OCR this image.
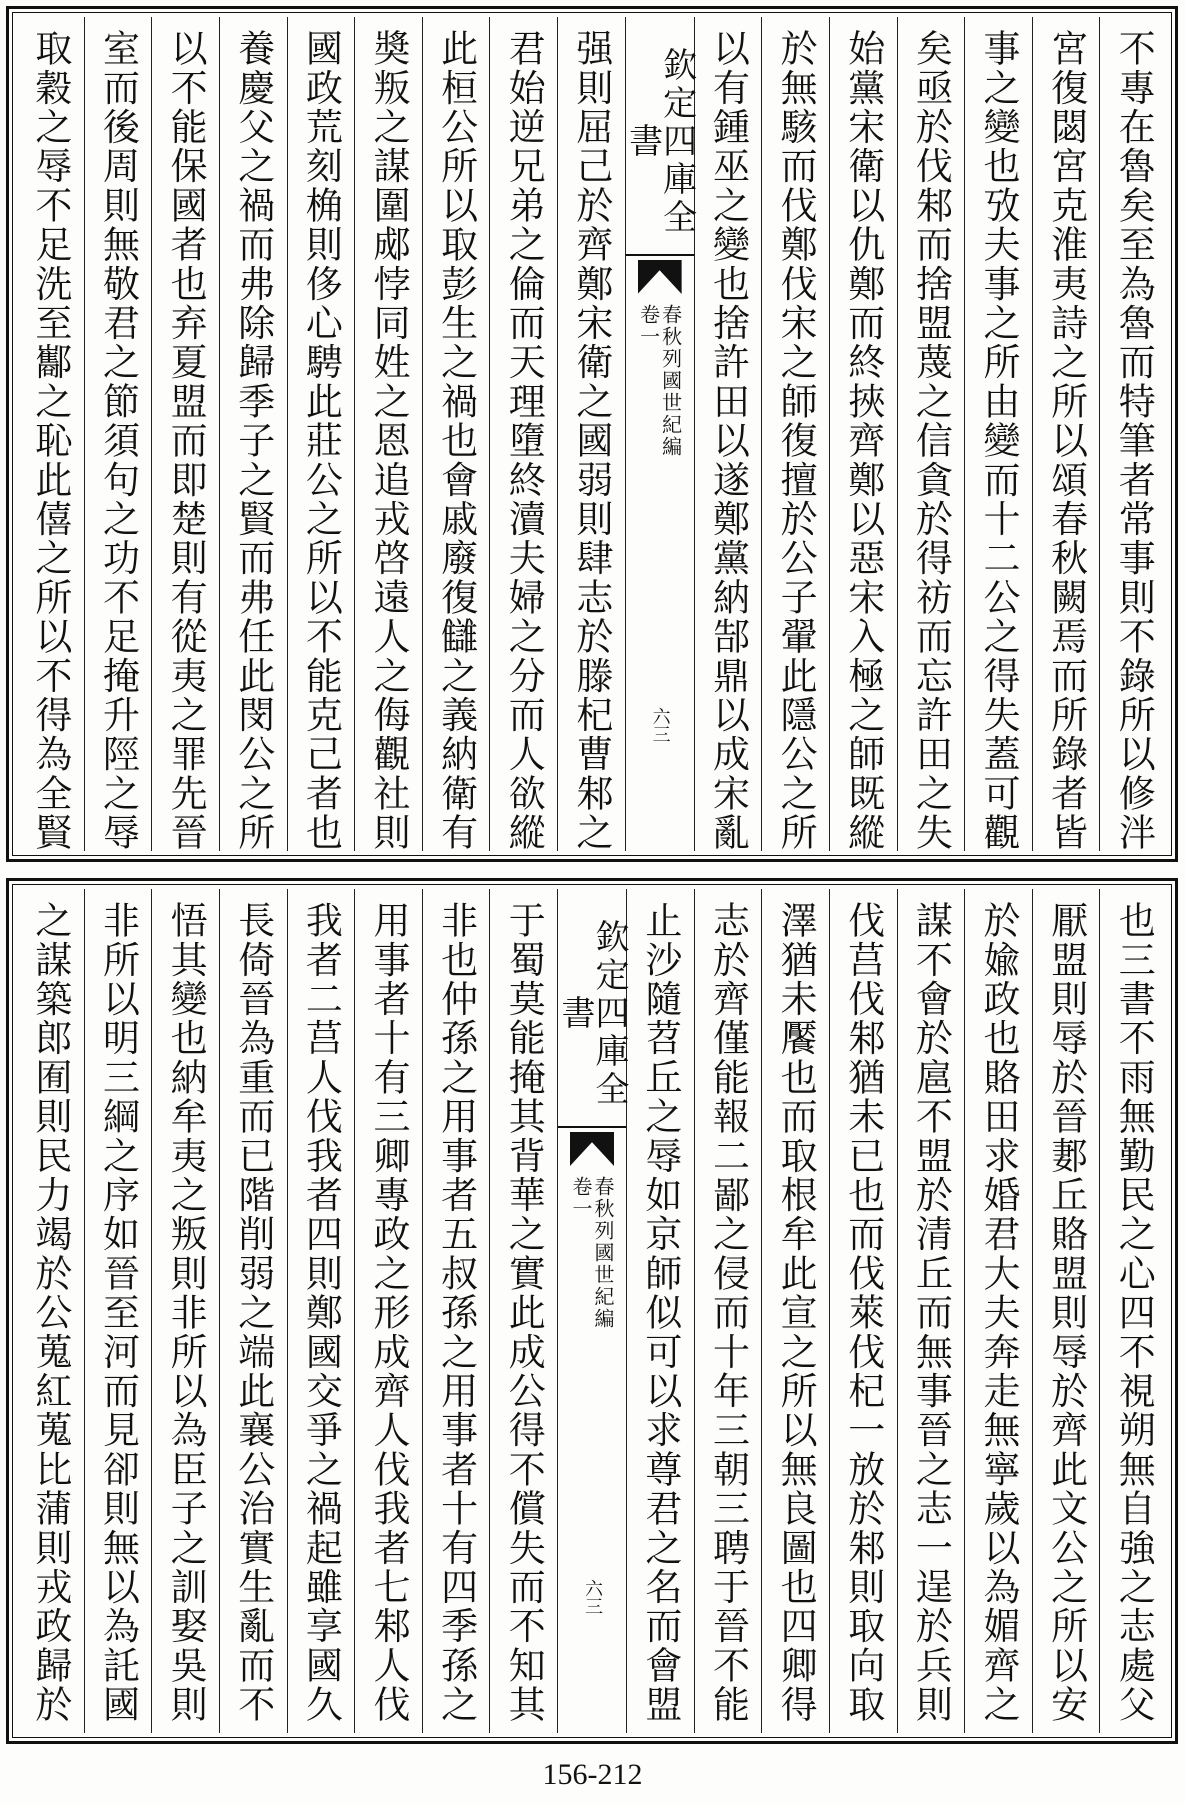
取穀之辱不足洗至酅之恥此僖之所以不得為全賢 室而後周則無敬君之節須句之功不足掩升陘之辱 以不能保國者也弃夏盟而即楚則有從夷之罪先晉 養慶父之禍而弗除歸季子之賢而弗任此閔公之所 國政荒刻桷則侈心騁此莊公之所以不能克己者也 奬叛之謀圍郕悖同姓之恩追戎啓遠人之侮觀社則 此桓公所以取彭生之禍也會戚廢復讎之義納衛有 君始逆兄弟之倫而天理墮終瀆夫婦之分而人欲縱 强則屈己於齊鄭宋衛之國弱則肆志於滕杞曹邾之	欽定四庫全書
春秋列國世紀編
卷一
六三 以有鍾巫之變也捨許田以遂鄭黨納郜鼎以成宋亂 於無駭而伐鄭伐宋之師復擅於公子翬此隱公之所 始黨宋衛以仇鄭而終挾齊鄭以惡宋入極之師既縱 矣亟於伐邾而捨盟蔑之信貪於得祊而忘許田之失 事之變也攷夫事之所由變而十二公之得失蓋可觀 宮復閟宮克淮夷詩之所以頌春秋闕焉而所錄者皆 不專在魯矣至為魯而特筆者常事則不錄所以修泮
之謀築郎囿則民力竭於公蒐紅蒐比蒲則戎政歸於 非所以明三綱之序如晉至河而見卻則無以為託國 悟其變也納牟夷之叛則非所以為臣子之訓娶吳則 長倚晉為重而已階削弱之端此襄公治實生亂而不 我者二莒人伐我者四則鄭國交爭之禍起雖享國久 用事者十有三卿專政之形成齊人伐我者七邾人伐 非也仲孫之用事者五叔孫之用事者十有四季孫之 于蜀莫能掩其背華之實此成公得不償失而不知其	欽定四庫全書
春秋列國世紀編
卷一
六三 止沙隨苕丘之辱如京師似可以求尊君之名而會盟 志於齊僅能報二鄙之侵而十年三朝三聘于晉不能 澤猶未饜也而取根牟此宣之所以無良圖也四卿得 伐莒伐邾猶未已也而伐萊伐杞一放於邾則取向取 謀不會於扈不盟於清丘而無事晉之志一逞於兵則 於婾政也賂田求婚君大夫奔走無寧歲以為媚齊之 厭盟則辱於晉郪丘賂盟則辱於齊此文公之所以安 也三書不雨無勤民之心四不視朔無自強之志處父
156-212
